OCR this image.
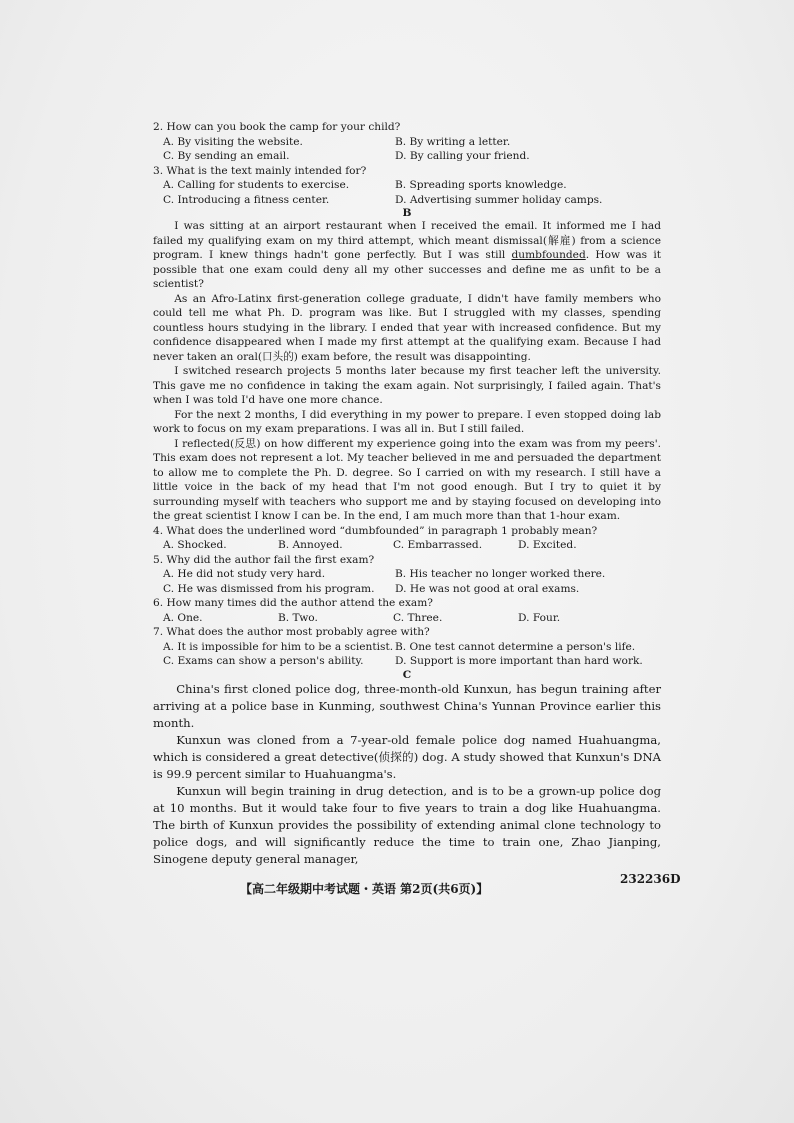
2. How can you book the camp for your child?

A. By visiting the website.	B. By writing a letter.
C. By sending an email.	D. By calling your friend.

3. What is the text mainly intended for?

A. Calling for students to exercise.	B. Spreading sports knowledge.
C. Introducing a fitness center.	D. Advertising summer holiday camps.

B

I was sitting at an airport restaurant when I received the email. It informed me I had failed my qualifying exam on my third attempt, which meant dismissal(解雇) from a science program. I knew things hadn't gone perfectly. But I was still dumbfounded. How was it possible that one exam could deny all my other successes and define me as unfit to be a scientist?

As an Afro-Latinx first-generation college graduate, I didn't have family members who could tell me what Ph. D. program was like. But I struggled with my classes, spending countless hours studying in the library. I ended that year with increased confidence. But my confidence disappeared when I made my first attempt at the qualifying exam. Because I had never taken an oral(口头的) exam before, the result was disappointing.

I switched research projects 5 months later because my first teacher left the university. This gave me no confidence in taking the exam again. Not surprisingly, I failed again. That's when I was told I'd have one more chance.

For the next 2 months, I did everything in my power to prepare. I even stopped doing lab work to focus on my exam preparations. I was all in. But I still failed.

I reflected(反思) on how different my experience going into the exam was from my peers'. This exam does not represent a lot. My teacher believed in me and persuaded the department to allow me to complete the Ph. D. degree. So I carried on with my research. I still have a little voice in the back of my head that I'm not good enough. But I try to quiet it by surrounding myself with teachers who support me and by staying focused on developing into the great scientist I know I can be. In the end, I am much more than that 1-hour exam.

4. What does the underlined word “dumbfounded” in paragraph 1 probably mean?

A. Shocked.	B. Annoyed.	C. Embarrassed.	D. Excited.

5. Why did the author fail the first exam?

A. He did not study very hard.	B. His teacher no longer worked there.
C. He was dismissed from his program.	D. He was not good at oral exams.

6. How many times did the author attend the exam?

A. One.	B. Two.	C. Three.	D. Four.

7. What does the author most probably agree with?

A. It is impossible for him to be a scientist. B. One test cannot determine a person's life.
C. Exams can show a person's ability.	D. Support is more important than hard work.

C

China's first cloned police dog, three-month-old Kunxun, has begun training after arriving at a police base in Kunming, southwest China's Yunnan Province earlier this month.

Kunxun was cloned from a 7-year-old female police dog named Huahuangma, which is considered a great detective(侦探的) dog. A study showed that Kunxun's DNA is 99.9 percent similar to Huahuangma's.

Kunxun will begin training in drug detection, and is to be a grown-up police dog at 10 months. But it would take four to five years to train a dog like Huahuangma. The birth of Kunxun provides the possibility of extending animal clone technology to police dogs, and will significantly reduce the time to train one, Zhao Jianping, Sinogene deputy general manager,

【高二年级期中考试题・英语 第2页(共6页)】
232236D
